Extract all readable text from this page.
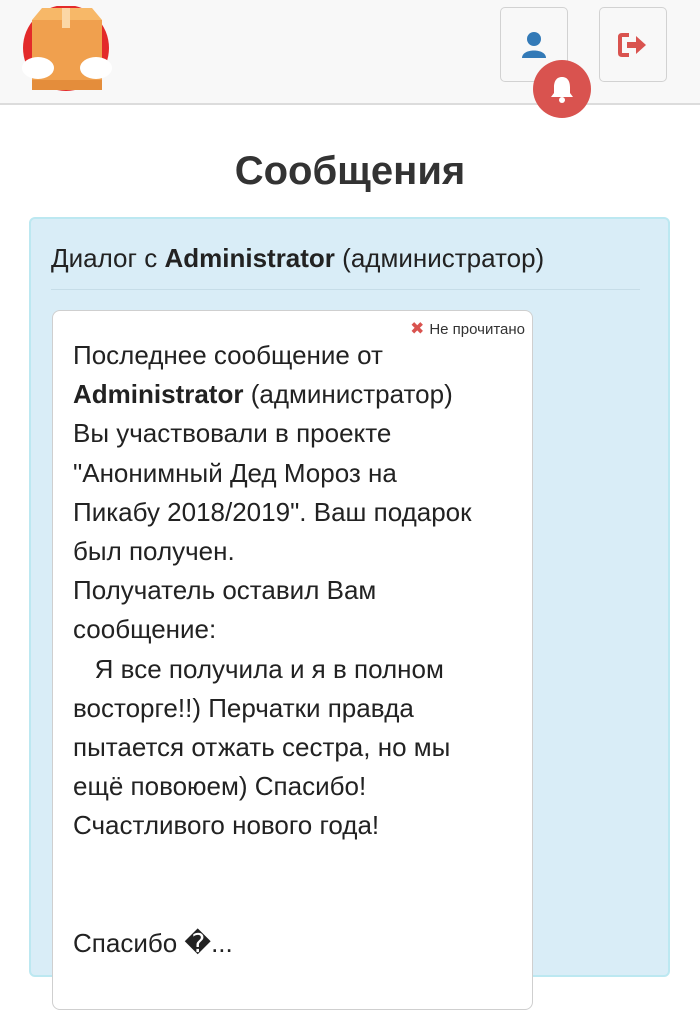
Сообщения
Диалог с Administrator (администратор)
✖ Не прочитано
Последнее сообщение от
Administrator (администратор)
Вы участвовали в проекте
"Анонимный Дед Мороз на
Пикабу 2018/2019". Ваш подарок
был получен.
Получатель оставил Вам
сообщение:
Я все получила и я в полном
восторге!!) Перчатки правда
пытается отжать сестра, но мы
ещё повоюем) Спасибо!
Счастливого нового года!
Спасибо �...
